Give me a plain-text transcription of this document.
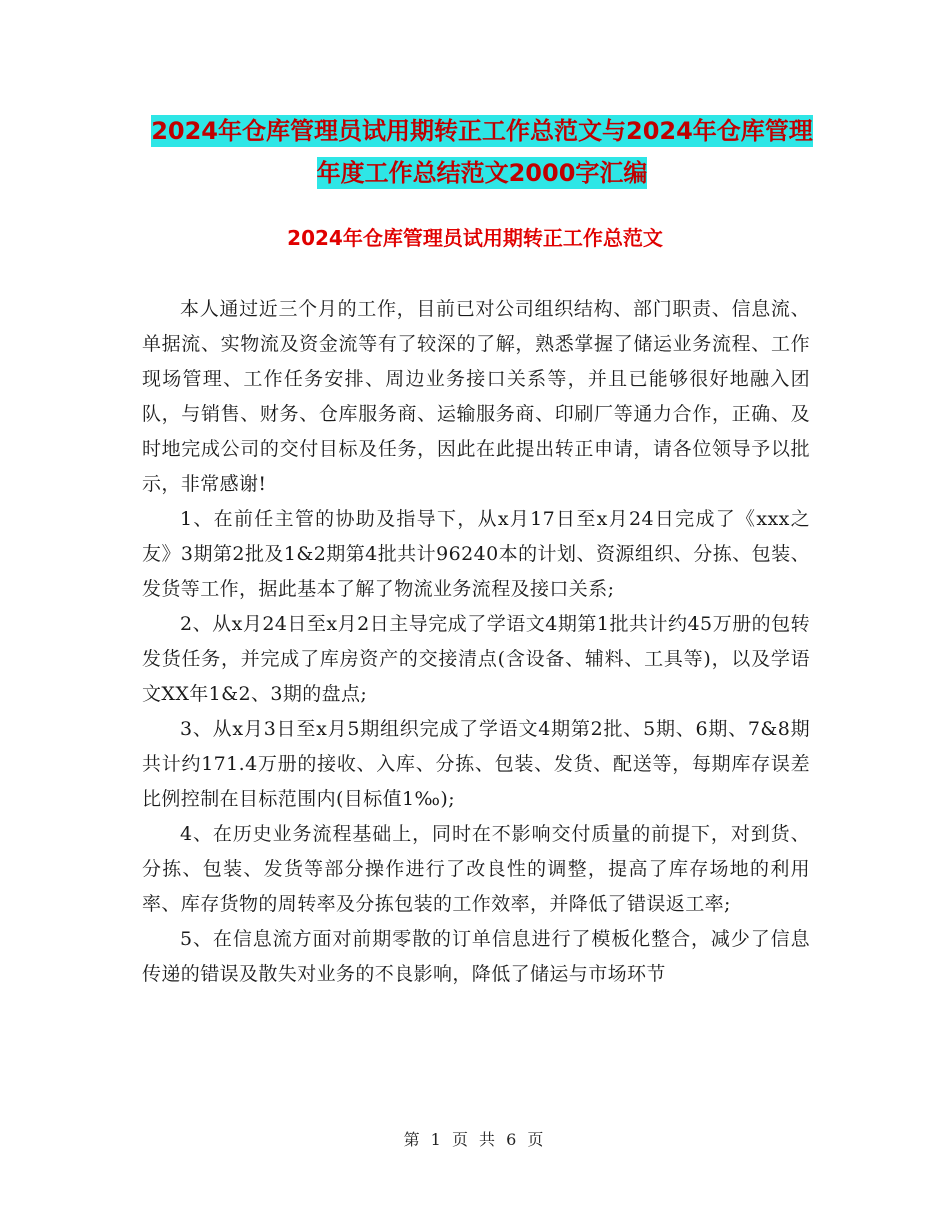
2024年仓库管理员试用期转正工作总范文与2024年仓库管理年度工作总结范文2000字汇编
2024年仓库管理员试用期转正工作总范文

本人通过近三个月的工作，目前已对公司组织结构、部门职责、信息流、单据流、实物流及资金流等有了较深的了解，熟悉掌握了储运业务流程、工作现场管理、工作任务安排、周边业务接口关系等，并且已能够很好地融入团队，与销售、财务、仓库服务商、运输服务商、印刷厂等通力合作，正确、及时地完成公司的交付目标及任务，因此在此提出转正申请，请各位领导予以批示，非常感谢!

1、在前任主管的协助及指导下，从x月17日至x月24日完成了《xxx之友》3期第2批及1&2期第4批共计96240本的计划、资源组织、分拣、包装、发货等工作，据此基本了解了物流业务流程及接口关系;

2、从x月24日至x月2日主导完成了学语文4期第1批共计约45万册的包转发货任务，并完成了库房资产的交接清点(含设备、辅料、工具等)，以及学语文XX年1&2、3期的盘点;

3、从x月3日至x月5期组织完成了学语文4期第2批、5期、6期、7&8期共计约171.4万册的接收、入库、分拣、包装、发货、配送等，每期库存误差比例控制在目标范围内(目标值1‰);

4、在历史业务流程基础上，同时在不影响交付质量的前提下，对到货、分拣、包装、发货等部分操作进行了改良性的调整，提高了库存场地的利用率、库存货物的周转率及分拣包装的工作效率，并降低了错误返工率;

5、在信息流方面对前期零散的订单信息进行了模板化整合，减少了信息传递的错误及散失对业务的不良影响，降低了储运与市场环节

第 1 页 共 6 页
